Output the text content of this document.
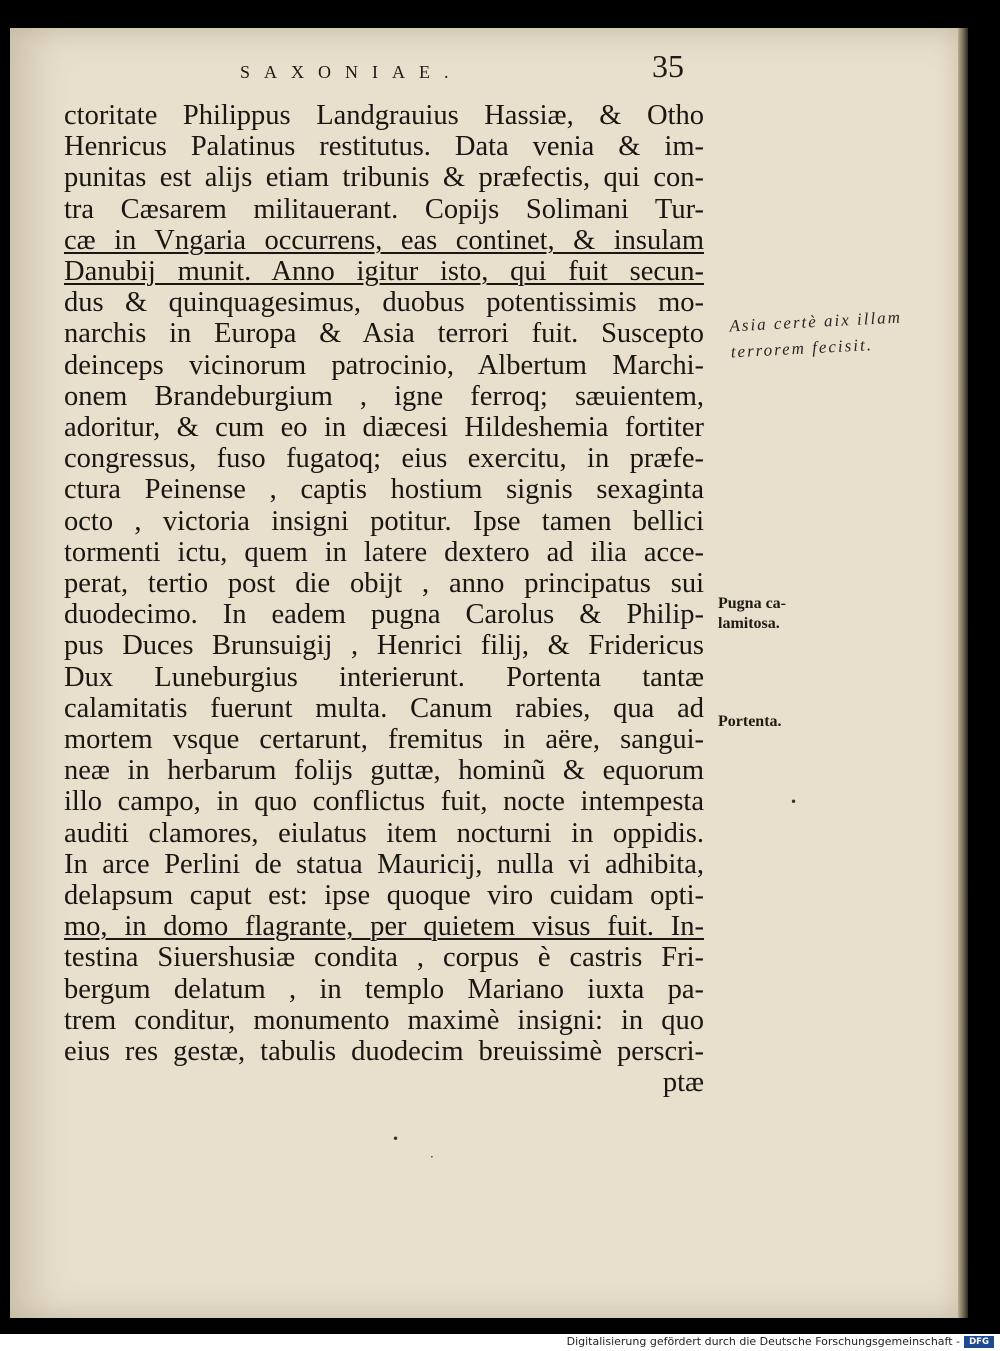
SAXONIAE.	35

ctoritate Philippus Landgrauius Hassiæ, & Otho
Henricus Palatinus restitutus. Data venia & im-
punitas est alijs etiam tribunis & præfectis, qui con-
tra Cæsarem militauerant. Copijs Solimani Tur-
cæ in Vngaria occurrens, eas continet, & insulam
Danubij munit. Anno igitur isto, qui fuit secun-
dus & quinquagesimus, duobus potentissimis mo-
narchis in Europa & Asia terrori fuit. Suscepto
deinceps vicinorum patrocinio, Albertum Marchi-
onem Brandeburgium , igne ferroq; sæuientem,
adoritur, & cum eo in diæcesi Hildeshemia fortiter
congressus, fuso fugatoq; eius exercitu, in præfe-
ctura Peinense , captis hostium signis sexaginta
octo , victoria insigni potitur. Ipse tamen bellici
tormenti ictu, quem in latere dextero ad ilia acce-
perat, tertio post die obijt , anno principatus sui
duodecimo. In eadem pugna Carolus & Philip-
pus Duces Brunsuigij , Henrici filij, & Fridericus
Dux Luneburgius interierunt. Portenta tantæ
calamitatis fuerunt multa. Canum rabies, qua ad
mortem vsque certarunt, fremitus in aëre, sangui-
neæ in herbarum folijs guttæ, hominũ & equorum
illo campo, in quo conflictus fuit, nocte intempesta
auditi clamores, eiulatus item nocturni in oppidis.
In arce Perlini de statua Mauricij, nulla vi adhibita,
delapsum caput est: ipse quoque viro cuidam opti-
mo, in domo flagrante, per quietem visus fuit. In-
testina Siuershusiæ condita , corpus è castris Fri-
bergum delatum , in templo Mariano iuxta pa-
trem conditur, monumento maximè insigni: in quo
eius res gestæ, tabulis duodecim breuissimè perscri-
ptæ

Asia certè aix illam
terrorem fecisit.

Pugna ca-
lamitosa.

Portenta.

•
•
·

Digitalisierung gefördert durch die Deutsche Forschungsgemeinschaft -	DFG
